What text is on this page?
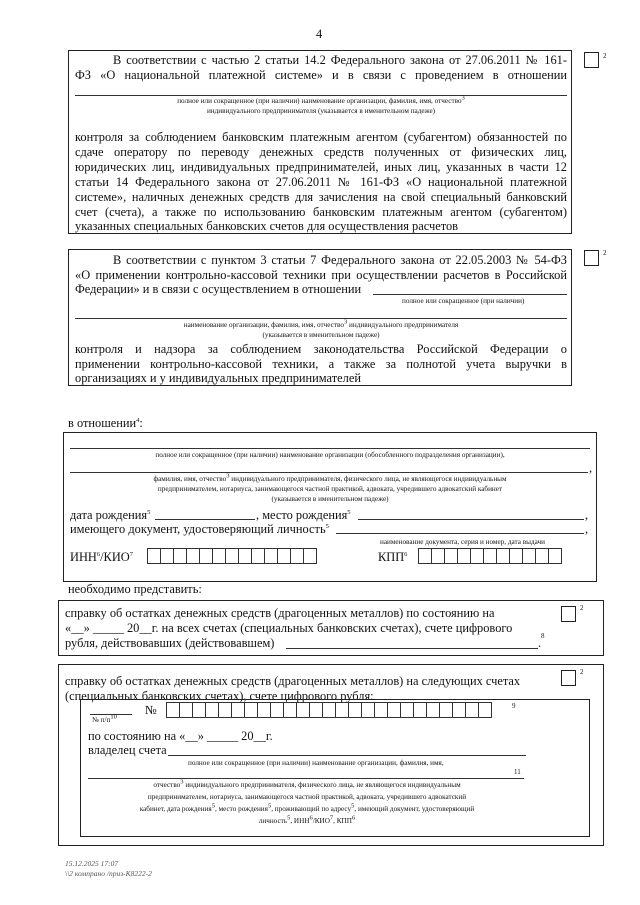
4
В соответствии с частью 2 статьи 14.2 Федерального закона от 27.06.2011 № 161-
ФЗ «О национальной платежной системе» и в связи с проведением в отношении
полное или сокращенное (при наличии) наименование организации, фамилия, имя, отчество3
индивидуального предпринимателя (указывается в именительном падеже)
контроля за соблюдением банковским платежным агентом (субагентом) обязанностей по
сдаче оператору по переводу денежных средств полученных от физических лиц,
юридических лиц, индивидуальных предпринимателей, иных лиц, указанных в части 12
статьи 14 Федерального закона от 27.06.2011 № 161-ФЗ «О национальной платежной
системе», наличных денежных средств для зачисления на свой специальный банковский
счет (счета), а также по использованию банковским платежным агентом (субагентом)
указанных специальных банковских счетов для осуществления расчетов
2
В соответствии с пунктом 3 статьи 7 Федерального закона от 22.05.2003 № 54-ФЗ
«О применении контрольно-кассовой техники при осуществлении расчетов в Российской
Федерации» и в связи с осуществлением в отношении
полное или сокращенное (при наличии)
наименование организации, фамилия, имя, отчество3 индивидуального предпринимателя
(указывается в именительном падеже)
контроля и надзора за соблюдением законодательства Российской Федерации о
применении контрольно-кассовой техники, а также за полнотой учета выручки в
организациях и у индивидуальных предпринимателей
2
в отношении$^4$:
полное или сокращенное (при наличии) наименование организации (обособленного подразделения организации),
,
фамилия, имя, отчество3 индивидуального предпринимателя, физического лица, не являющегося индивидуальным
предпринимателем, нотариуса, занимающегося частной практикой, адвоката, учредившего адвокатский кабинет
(указывается в именительном падеже)
дата рождения$^5$	, место рождения$^5$	,
имеющего документ, удостоверяющий личность$^5$	,
наименование документа, серия и номер, дата выдачи
ИНН$^6$/КИО$^7$	КПП$^6$
необходимо представить:
справку об остатках денежных средств (драгоценных металлов) по состоянию на
«__» _____ 20__г. на всех счетах (специальных банковских счетах), счете цифрового
рубля, действовавших (действовавшем)	. 8
2
справку об остатках денежных средств (драгоценных металлов) на следующих счетах
(специальных банковских счетах), счете цифрового рубля:
2
№	9
№ п/п10
по состоянию на «__» _____ 20__г.
владелец счета
полное или сокращенное (при наличии) наименование организации, фамилия, имя,
11
отчество3 индивидуального предпринимателя, физического лица, не являющегося индивидуальным
предпринимателем, нотариуса, занимающегося частной практикой, адвоката, учредившего адвокатский
кабинет, дата рождения5, место рождения5, проживающий по адресу5, имеющий документ, удостоверяющий
личность5, ИНН6/КИО7, КПП6
15.12.2025 17:07
\\2 компрано /приз-К8222-2
